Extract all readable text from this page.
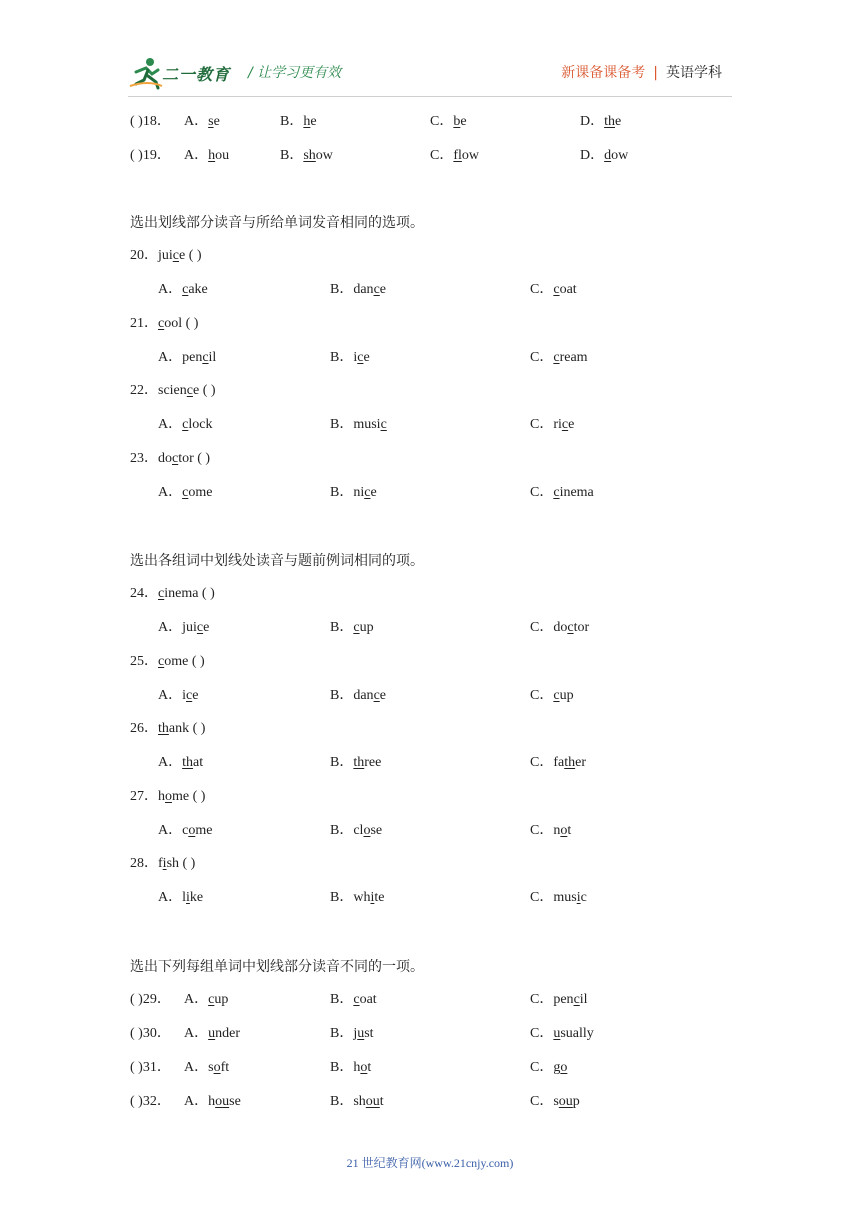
二一教育 / 让学习更有效	新课备课备考 | 英语学科
( )18． A．se	B．he	C．be	D．the
( )19． A．hou	B．show	C．flow	D．dow
选出划线部分读音与所给单词发音相同的选项。
20．juice ( )
A．cake	B．dance	C．coat
21．cool ( )
A．pencil	B．ice	C．cream
22．science ( )
A．clock	B．music	C．rice
23．doctor ( )
A．come	B．nice	C．cinema
选出各组词中划线处读音与题前例词相同的项。
24．cinema ( )
A．juice	B．cup	C．doctor
25．come ( )
A．ice	B．dance	C．cup
26．thank ( )
A．that	B．three	C．father
27．home ( )
A．come	B．close	C．not
28．fish ( )
A．like	B．white	C．music
选出下列每组单词中划线部分读音不同的一项。
( )29． A．cup	B．coat	C．pencil
( )30． A．under	B．just	C．usually
( )31． A．soft	B．hot	C．go
( )32． A．house	B．shout	C．soup
21 世纪教育网(www.21cnjy.com)
